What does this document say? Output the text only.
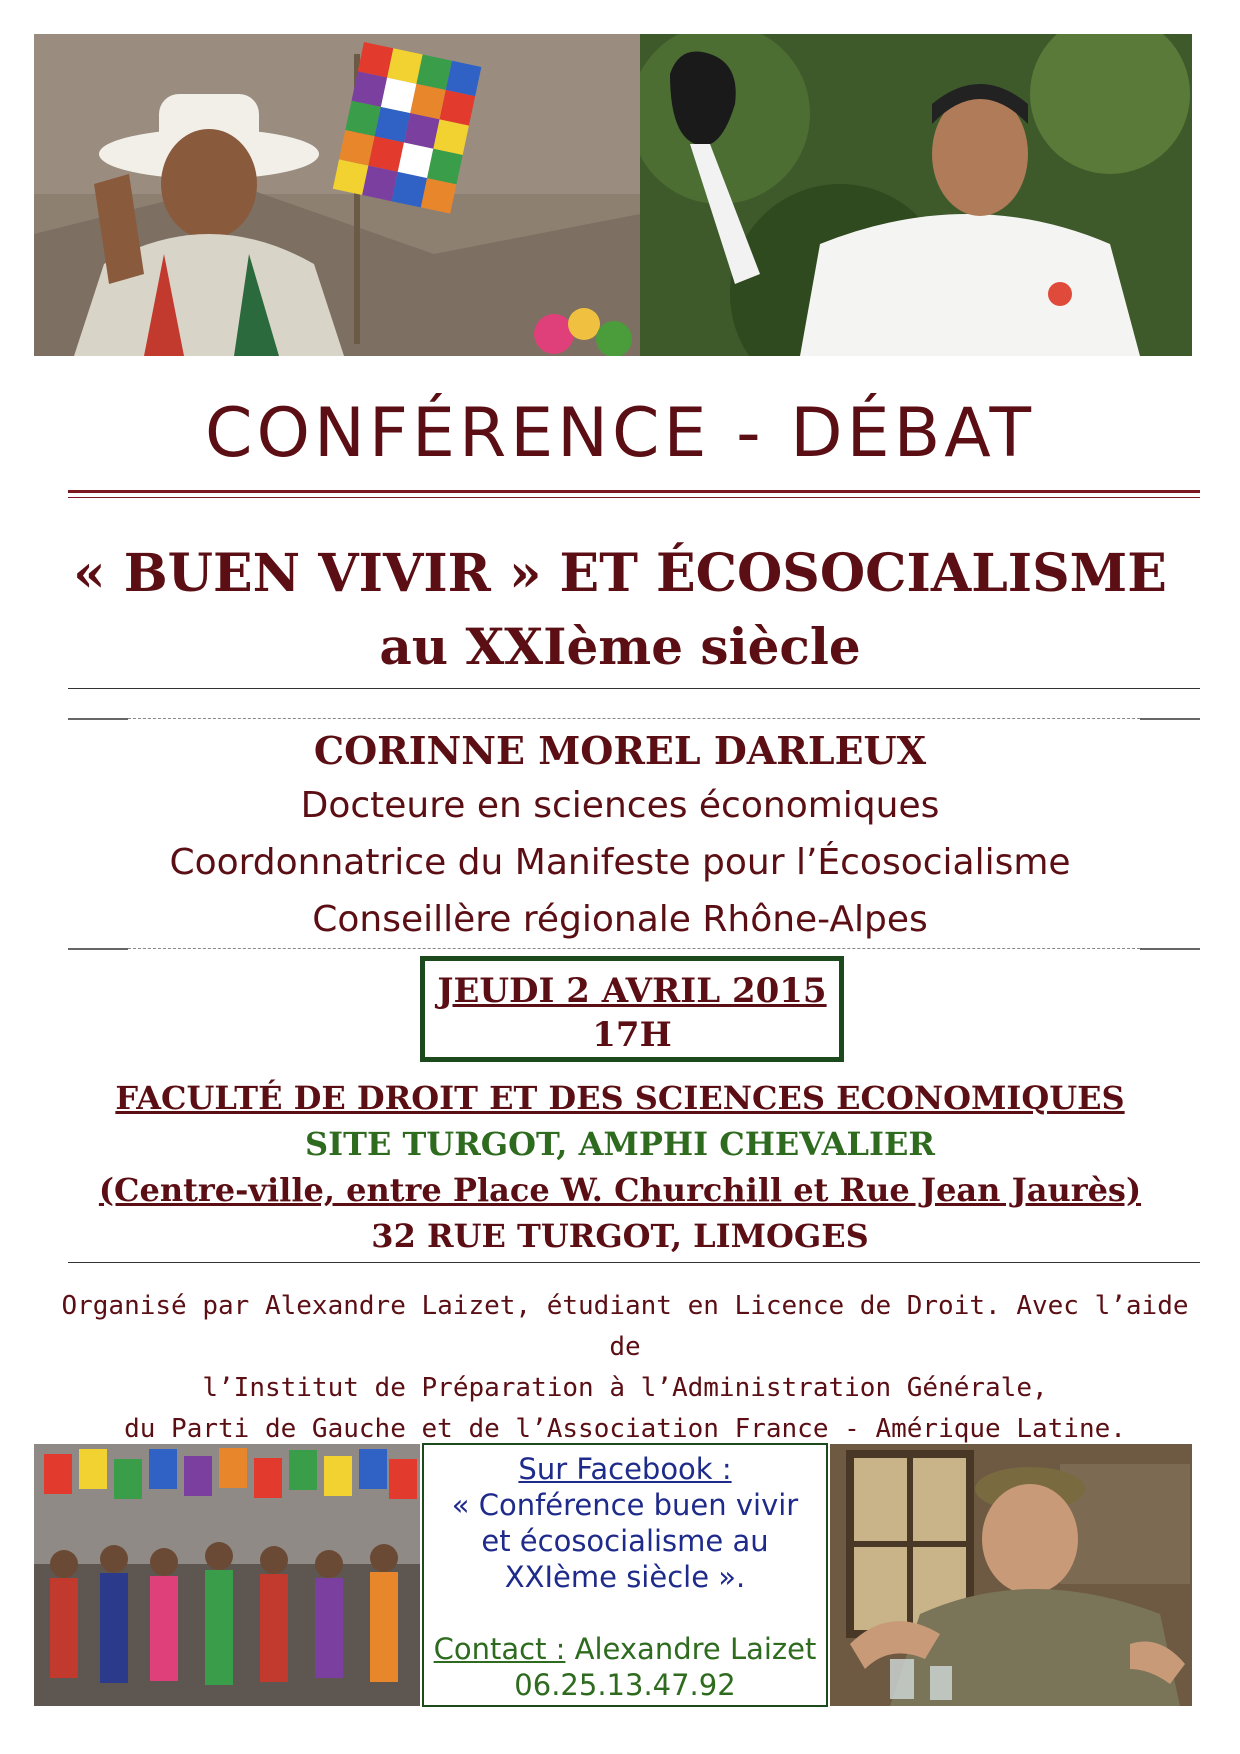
CONFÉRENCE - DÉBAT
« BUEN VIVIR » ET ÉCOSOCIALISME
au XXIème siècle
CORINNE MOREL DARLEUX
Docteure en sciences économiques
Coordonnatrice du Manifeste pour l’Écosocialisme
Conseillère régionale Rhône-Alpes
JEUDI 2 AVRIL 2015
17H
FACULTÉ DE DROIT ET DES SCIENCES ECONOMIQUES
SITE TURGOT, AMPHI CHEVALIER
(Centre-ville, entre Place W. Churchill et Rue Jean Jaurès)
32 RUE TURGOT, LIMOGES
Organisé par Alexandre Laizet, étudiant en Licence de Droit. Avec l’aide de
l’Institut de Préparation à l’Administration Générale,
du Parti de Gauche et de l’Association France - Amérique Latine.
Sur Facebook :
« Conférence buen vivir
et écosocialisme au
XXIème siècle ».
Contact : Alexandre Laizet
06.25.13.47.92
